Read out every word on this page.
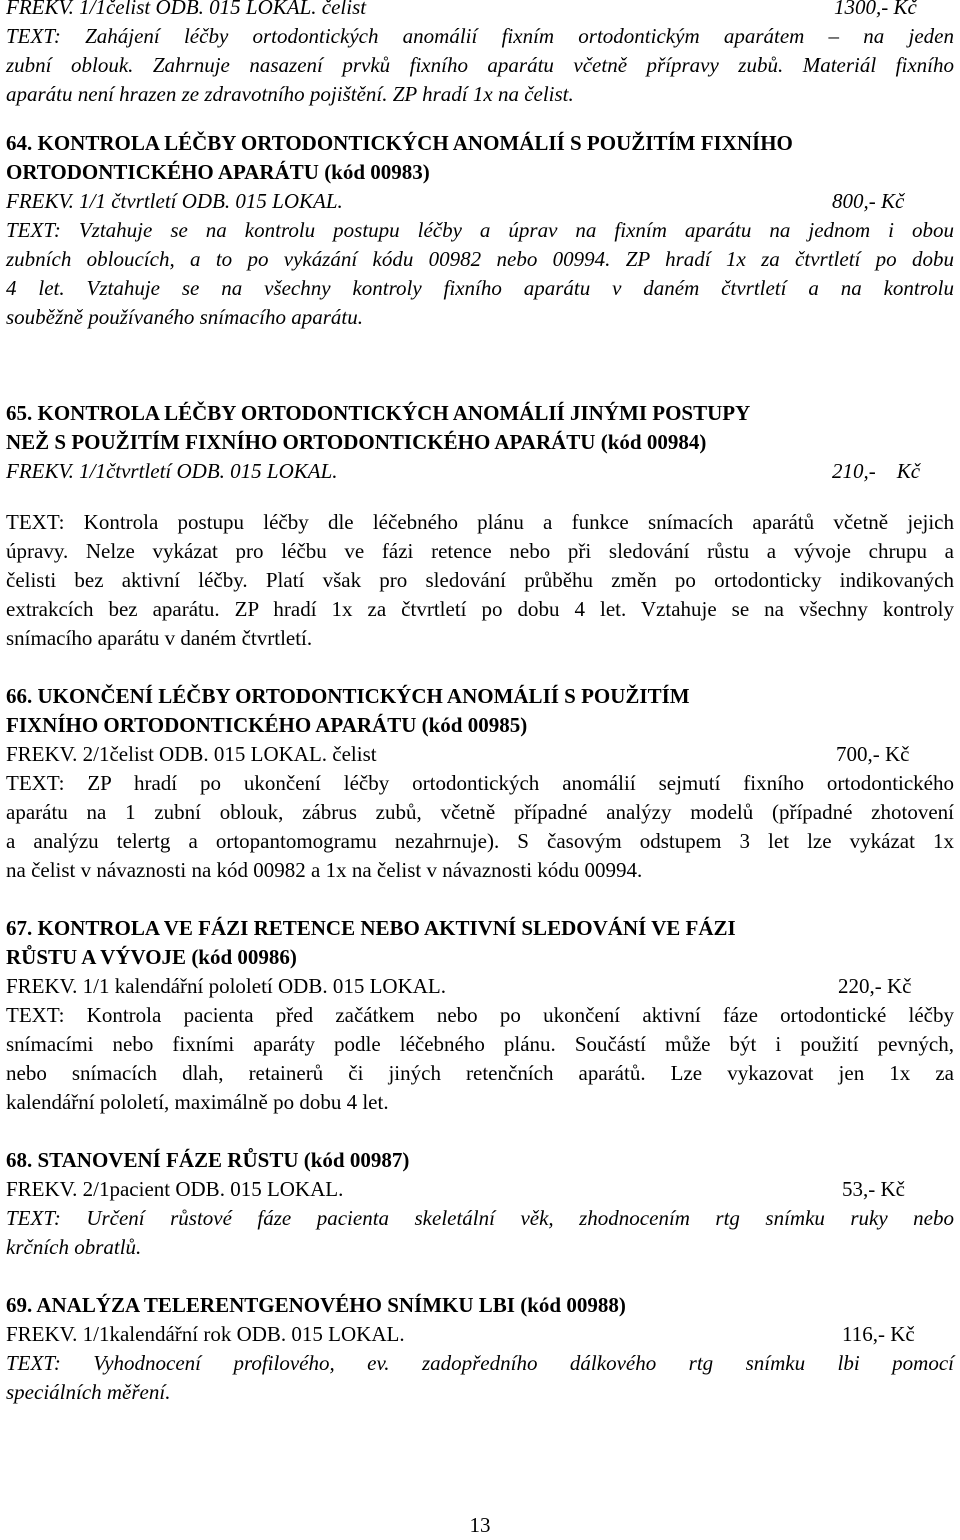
FREKV. 1/1čelist ODB. 015 LOKAL. čelist	1300,- Kč
TEXT: Zahájení léčby ortodontických anomálií fixním ortodontickým aparátem – na jeden
zubní oblouk. Zahrnuje nasazení prvků fixního aparátu včetně přípravy zubů. Materiál fixního
aparátu není hrazen ze zdravotního pojištění. ZP hradí 1x na čelist.
64. KONTROLA LÉČBY ORTODONTICKÝCH ANOMÁLIÍ S POUŽITÍM FIXNÍHO
ORTODONTICKÉHO APARÁTU (kód 00983)
FREKV. 1/1 čtvrtletí ODB. 015 LOKAL.	800,- Kč
TEXT: Vztahuje se na kontrolu postupu léčby a úprav na fixním aparátu na jednom i obou
zubních obloucích, a to po vykázání kódu 00982 nebo 00994. ZP hradí 1x za čtvrtletí po dobu
4 let. Vztahuje se na všechny kontroly fixního aparátu v daném čtvrtletí a na kontrolu
souběžně používaného snímacího aparátu.
65. KONTROLA LÉČBY ORTODONTICKÝCH ANOMÁLIÍ JINÝMI POSTUPY
NEŽ S POUŽITÍM FIXNÍHO ORTODONTICKÉHO APARÁTU (kód 00984)
FREKV. 1/1čtvrtletí ODB. 015 LOKAL.	210,-    Kč
TEXT: Kontrola postupu léčby dle léčebného plánu a funkce snímacích aparátů včetně jejich
úpravy. Nelze vykázat pro léčbu ve fázi retence nebo při sledování růstu a vývoje chrupu a
čelisti bez aktivní léčby. Platí však pro sledování průběhu změn po ortodonticky indikovaných
extrakcích bez aparátu. ZP hradí 1x za čtvrtletí po dobu 4 let. Vztahuje se na všechny kontroly
snímacího aparátu v daném čtvrtletí.
66. UKONČENÍ LÉČBY ORTODONTICKÝCH ANOMÁLIÍ S POUŽITÍM
FIXNÍHO ORTODONTICKÉHO APARÁTU (kód 00985)
FREKV. 2/1čelist ODB. 015 LOKAL. čelist	700,- Kč
TEXT: ZP hradí po ukončení léčby ortodontických anomálií sejmutí fixního ortodontického
aparátu na 1 zubní oblouk, zábrus zubů, včetně případné analýzy modelů (případné zhotovení
a analýzu telertg a ortopantomogramu nezahrnuje). S časovým odstupem 3 let lze vykázat 1x
na čelist v návaznosti na kód 00982 a 1x na čelist v návaznosti kódu 00994.
67. KONTROLA VE FÁZI RETENCE NEBO AKTIVNÍ SLEDOVÁNÍ VE FÁZI
RŮSTU A VÝVOJE (kód 00986)
FREKV. 1/1 kalendářní pololetí ODB. 015 LOKAL.	220,- Kč
TEXT: Kontrola pacienta před začátkem nebo po ukončení aktivní fáze ortodontické léčby
snímacími nebo fixními aparáty podle léčebného plánu. Součástí může být i použití pevných,
nebo snímacích dlah, retainerů či jiných retenčních aparátů. Lze vykazovat jen 1x za
kalendářní pololetí, maximálně po dobu 4 let.
68. STANOVENÍ FÁZE RŮSTU (kód 00987)
FREKV. 2/1pacient ODB. 015 LOKAL.	53,- Kč
TEXT: Určení růstové fáze pacienta skeletální věk, zhodnocením rtg snímku ruky nebo
krčních obratlů.
69. ANALÝZA TELERENTGENOVÉHO SNÍMKU LBI (kód 00988)
FREKV. 1/1kalendářní rok ODB. 015 LOKAL.	116,- Kč
TEXT: Vyhodnocení profilového, ev. zadopředního dálkového rtg snímku lbi pomocí
speciálních měření.
13
